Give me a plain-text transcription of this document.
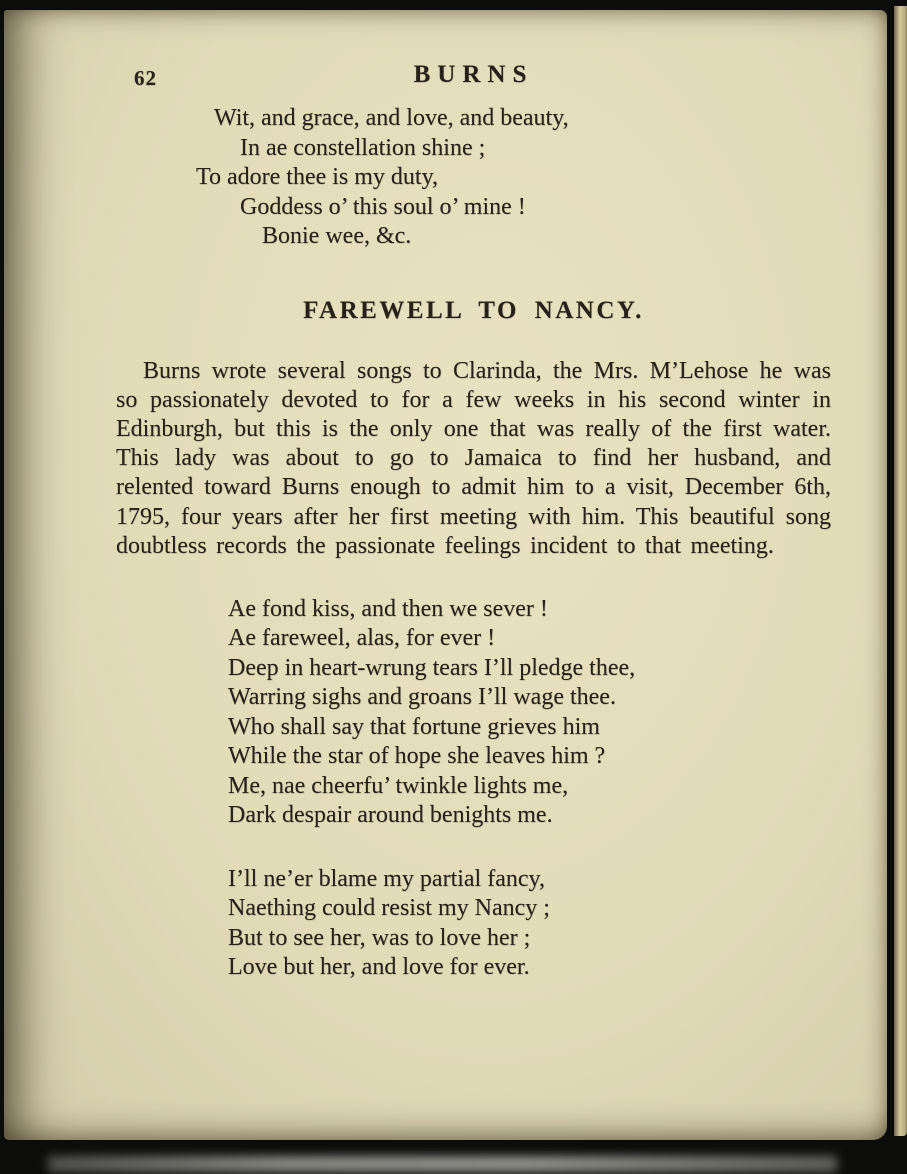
62	BURNS
Wit, and grace, and love, and beauty,
In ae constellation shine ;
To adore thee is my duty,
Goddess o’ this soul o’ mine !
Bonie wee, &c.
FAREWELL TO NANCY.

Burns wrote several songs to Clarinda, the Mrs. M’Lehose he was so passionately devoted to for a few weeks in his second winter in Edinburgh, but this is the only one that was really of the first water. This lady was about to go to Jamaica to find her husband, and relented toward Burns enough to admit him to a visit, December 6th, 1795, four years after her first meeting with him. This beautiful song doubtless records the passionate feelings incident to that meeting.

Ae fond kiss, and then we sever !
Ae fareweel, alas, for ever !
Deep in heart-wrung tears I’ll pledge thee,
Warring sighs and groans I’ll wage thee.
Who shall say that fortune grieves him
While the star of hope she leaves him ?
Me, nae cheerfu’ twinkle lights me,
Dark despair around benights me.
I’ll ne’er blame my partial fancy,
Naething could resist my Nancy ;
But to see her, was to love her ;
Love but her, and love for ever.
